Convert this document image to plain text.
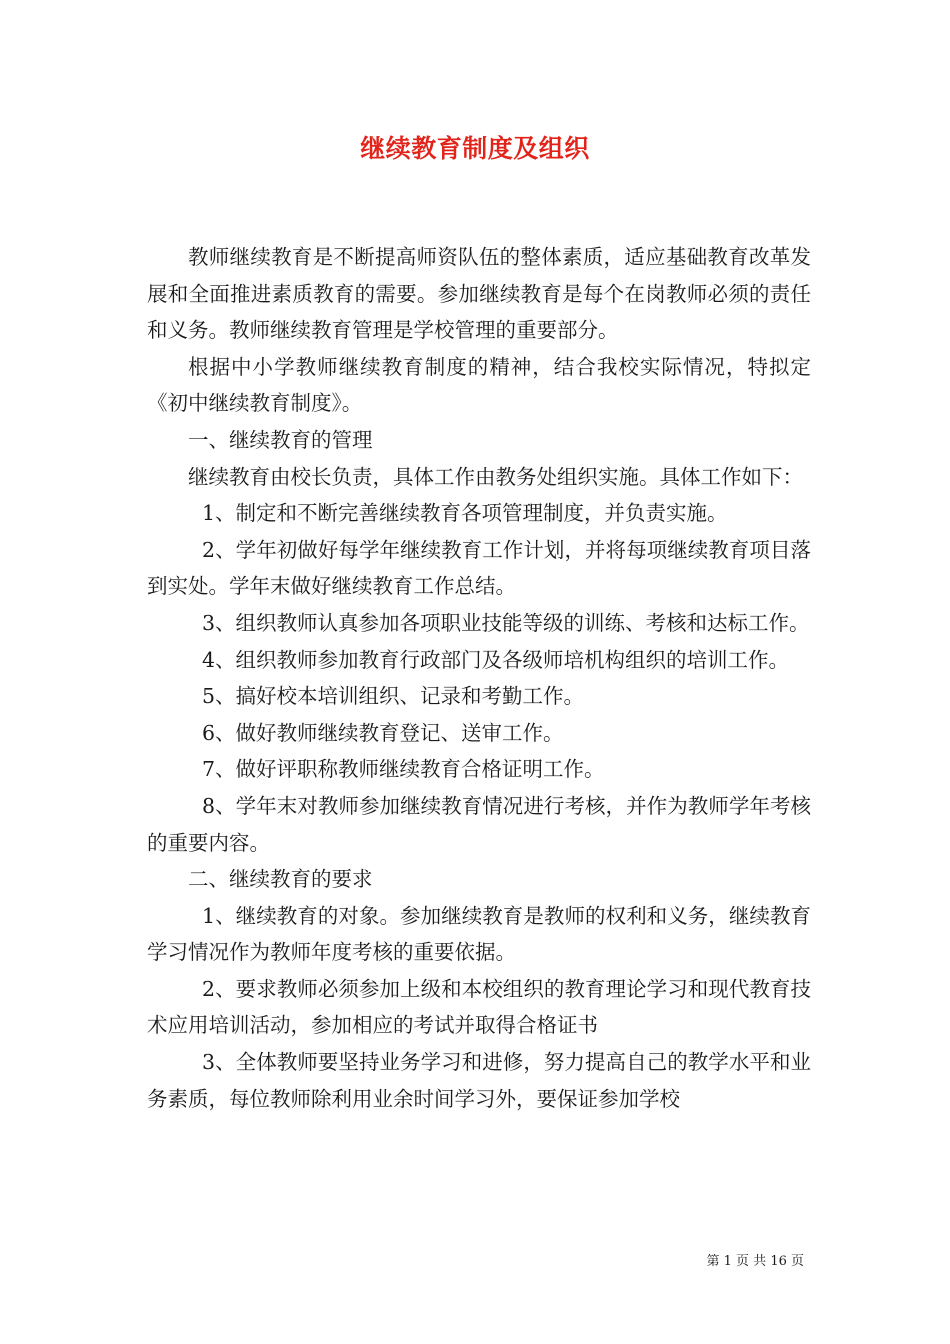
继续教育制度及组织

教师继续教育是不断提高师资队伍的整体素质，适应基础教育改革发展和全面推进素质教育的需要。参加继续教育是每个在岗教师必须的责任和义务。教师继续教育管理是学校管理的重要部分。

根据中小学教师继续教育制度的精神，结合我校实际情况，特拟定《初中继续教育制度》。

一、继续教育的管理

继续教育由校长负责，具体工作由教务处组织实施。具体工作如下：

1、制定和不断完善继续教育各项管理制度，并负责实施。

2、学年初做好每学年继续教育工作计划，并将每项继续教育项目落到实处。学年末做好继续教育工作总结。

3、组织教师认真参加各项职业技能等级的训练、考核和达标工作。

4、组织教师参加教育行政部门及各级师培机构组织的培训工作。

5、搞好校本培训组织、记录和考勤工作。

6、做好教师继续教育登记、送审工作。

7、做好评职称教师继续教育合格证明工作。

8、学年末对教师参加继续教育情况进行考核，并作为教师学年考核的重要内容。

二、继续教育的要求

1、继续教育的对象。参加继续教育是教师的权利和义务，继续教育学习情况作为教师年度考核的重要依据。

2、要求教师必须参加上级和本校组织的教育理论学习和现代教育技术应用培训活动，参加相应的考试并取得合格证书

3、全体教师要坚持业务学习和进修，努力提高自己的教学水平和业务素质，每位教师除利用业余时间学习外，要保证参加学校

第 1 页 共 16 页
